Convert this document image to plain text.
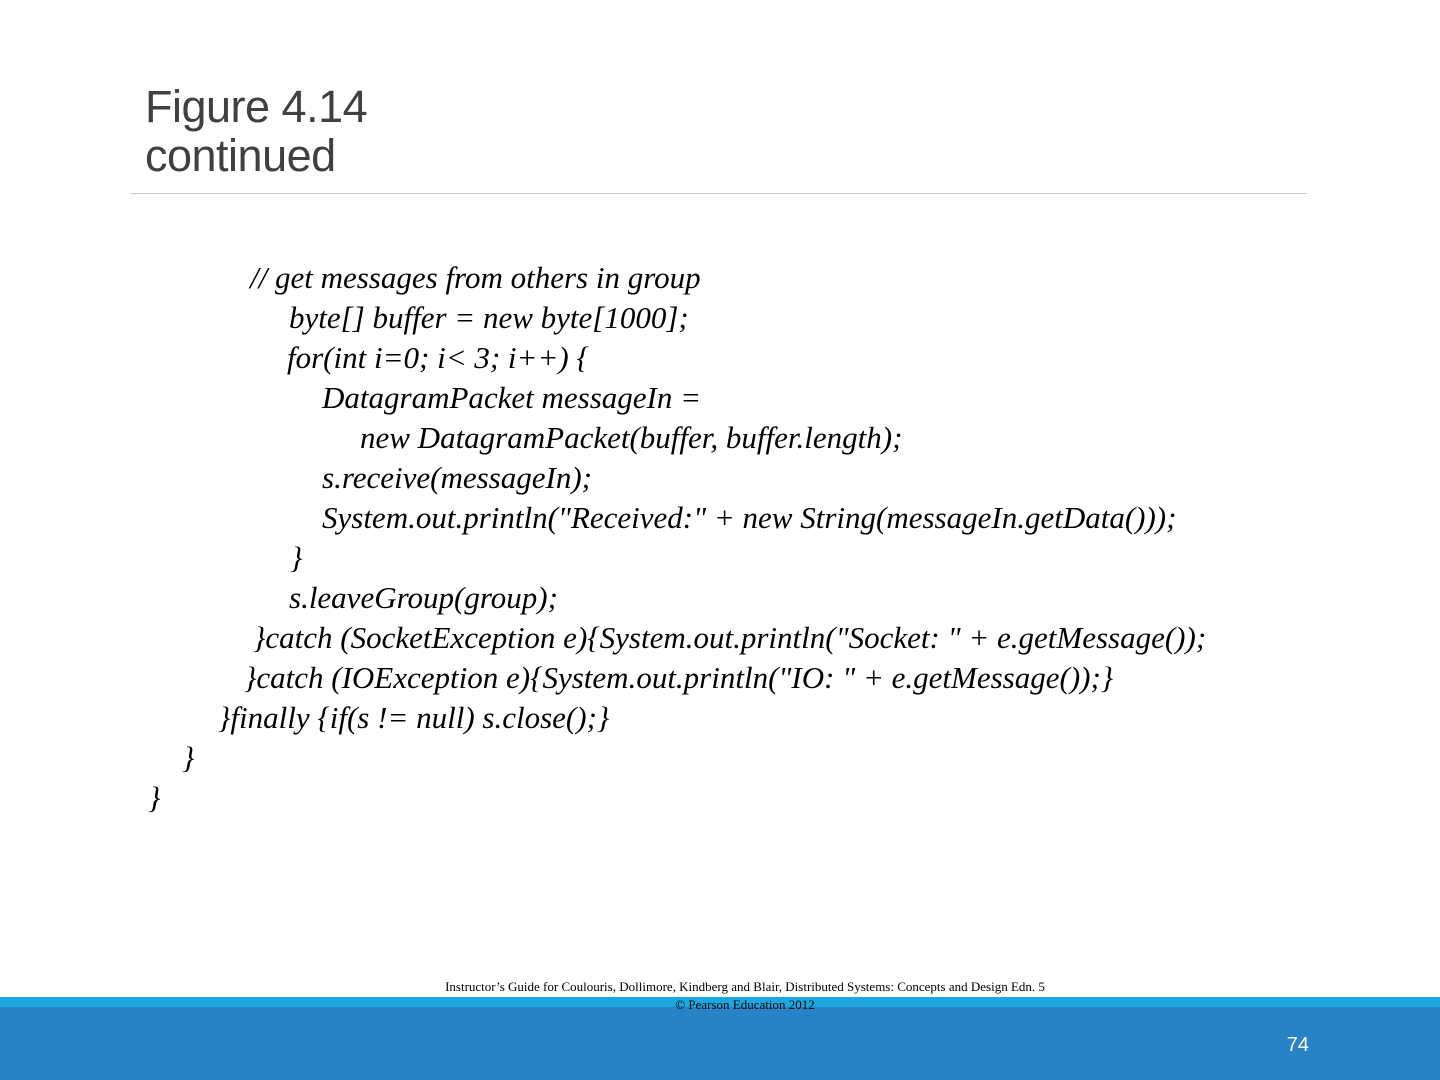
Figure 4.14
continued
// get messages from others in group
byte[] buffer = new byte[1000];
for(int i=0; i< 3; i++) {
DatagramPacket messageIn =
new DatagramPacket(buffer, buffer.length);
s.receive(messageIn);
System.out.println("Received:" + new String(messageIn.getData()));
}
s.leaveGroup(group);
}catch (SocketException e){System.out.println("Socket: " + e.getMessage());
}catch (IOException e){System.out.println("IO: " + e.getMessage());}
}finally {if(s != null) s.close();}
}
}
Instructor’s Guide for Coulouris, Dollimore, Kindberg and Blair, Distributed Systems: Concepts and Design Edn. 5
© Pearson Education 2012
74
